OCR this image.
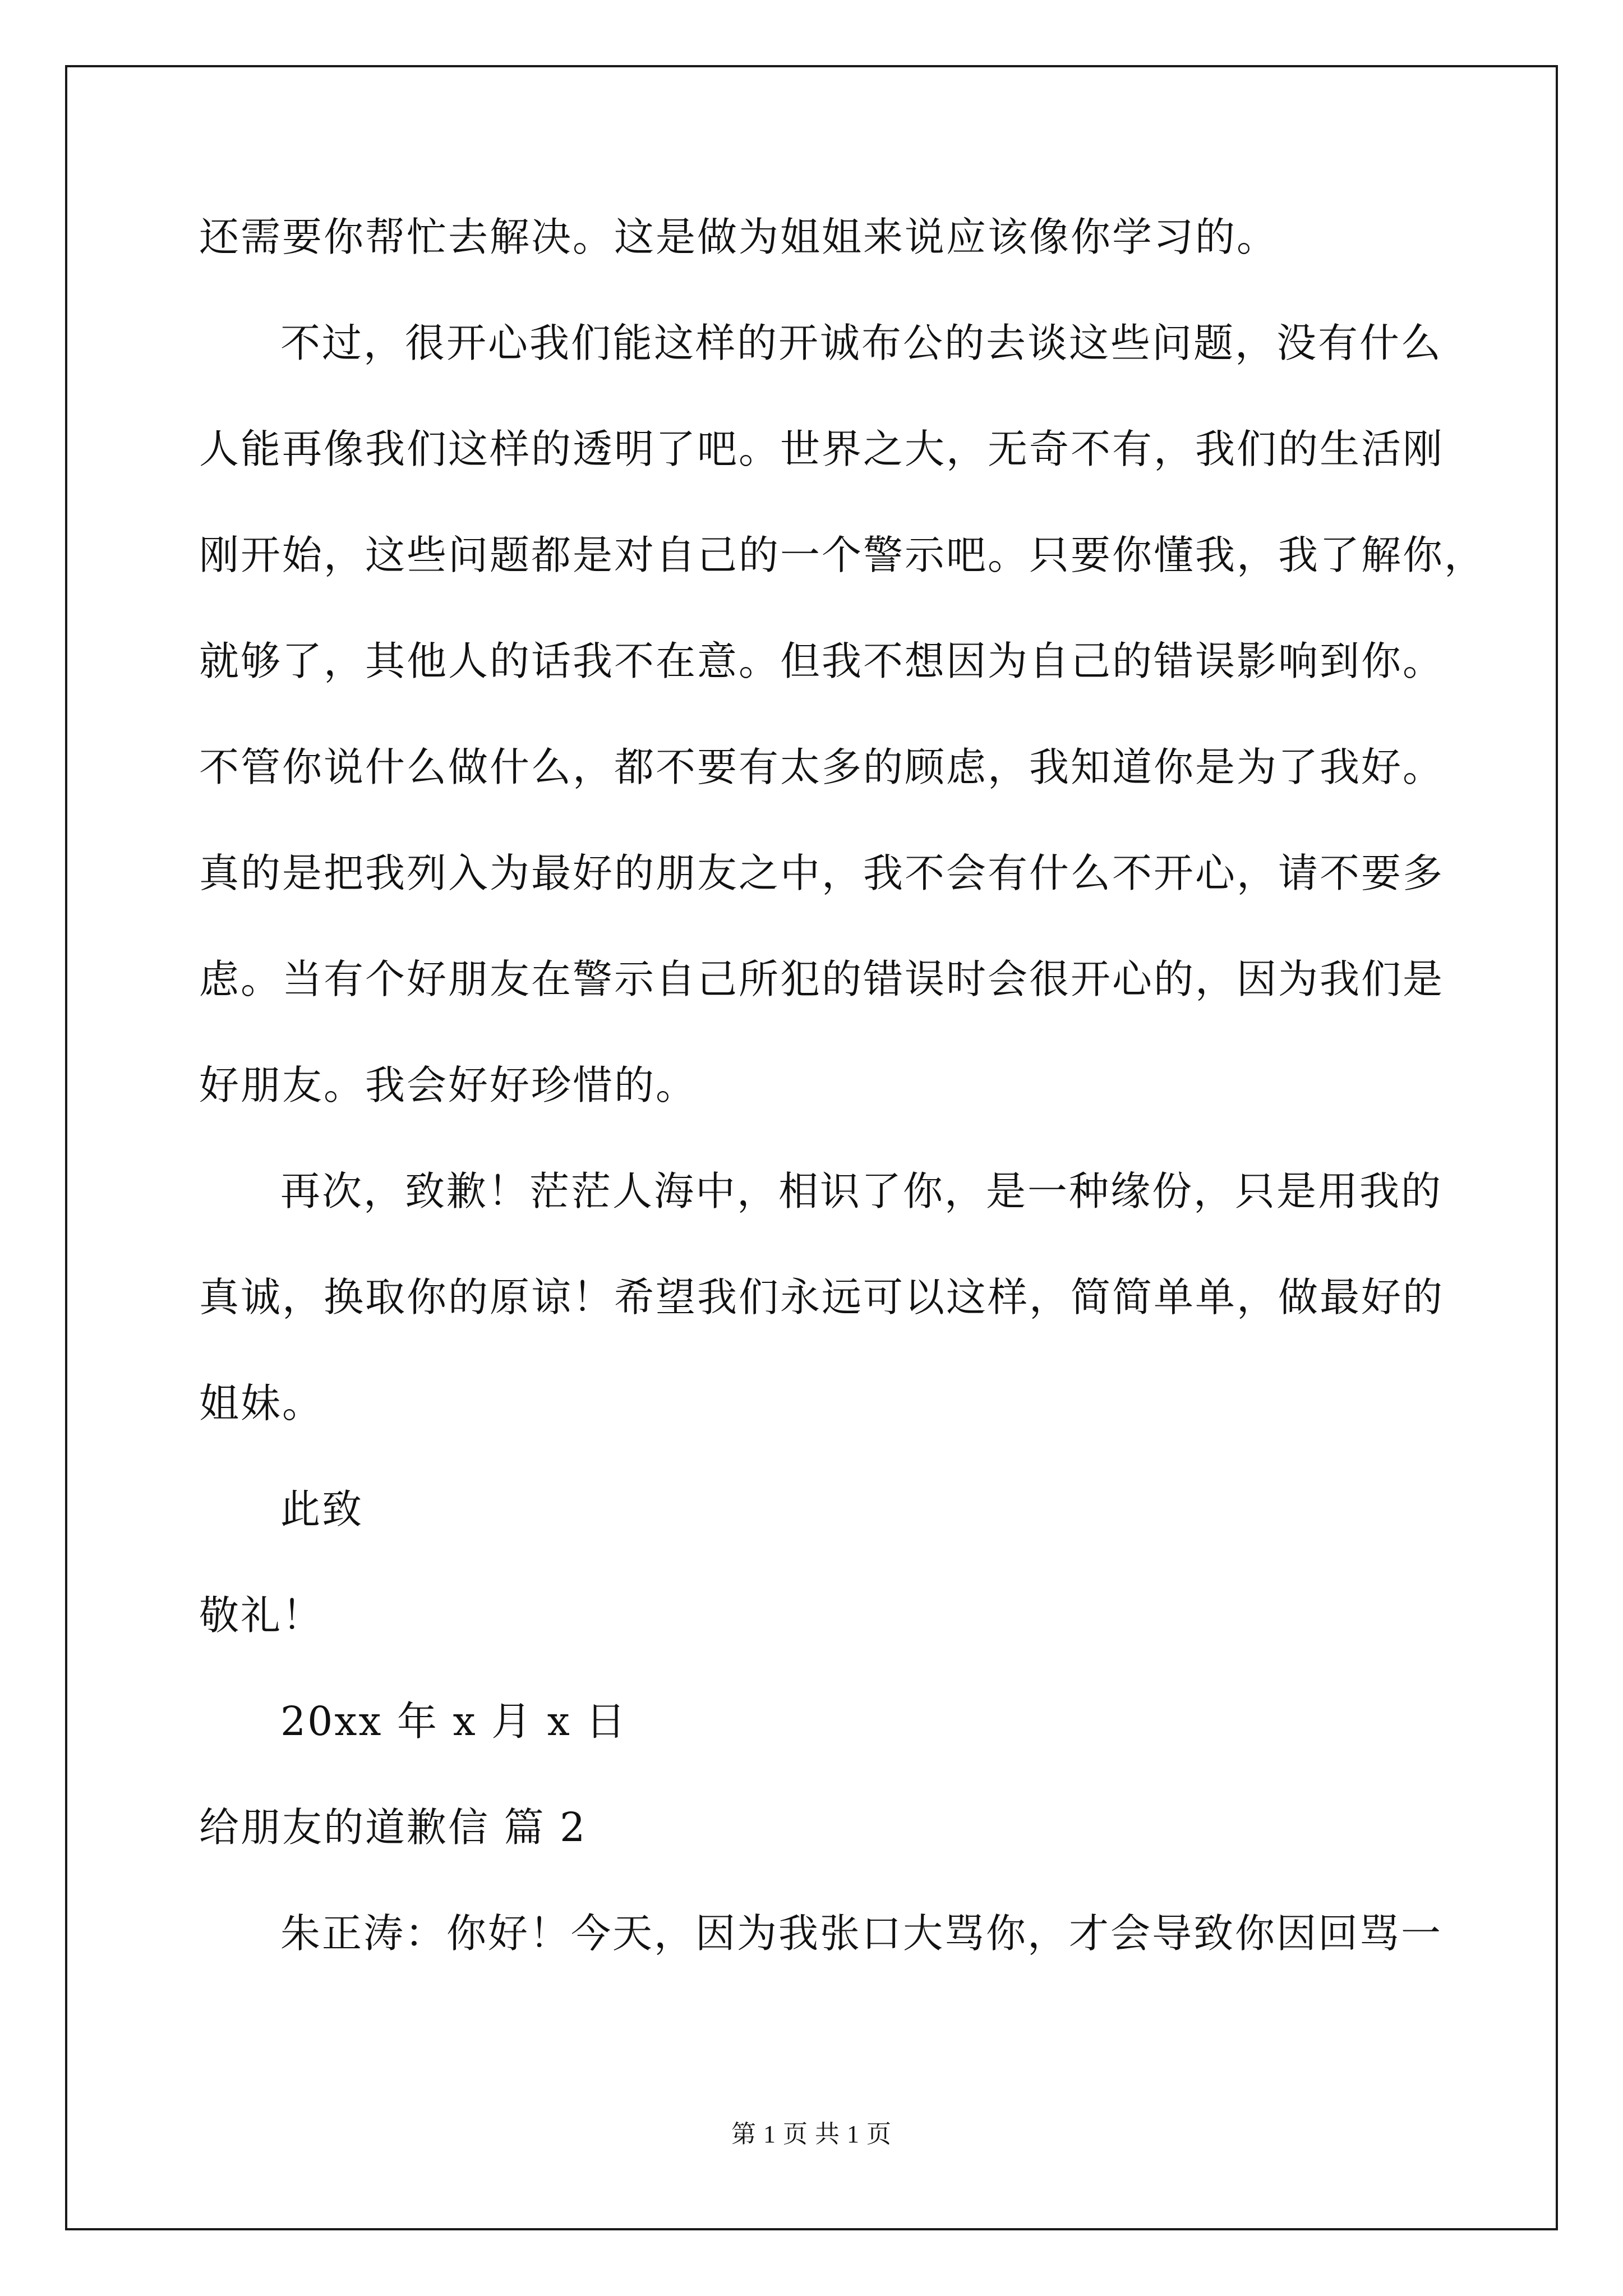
还需要你帮忙去解决。这是做为姐姐来说应该像你学习的。
不过，很开心我们能这样的开诚布公的去谈这些问题，没有什么
人能再像我们这样的透明了吧。世界之大，无奇不有，我们的生活刚
刚开始，这些问题都是对自己的一个警示吧。只要你懂我，我了解你，
就够了，其他人的话我不在意。但我不想因为自己的错误影响到你。
不管你说什么做什么，都不要有太多的顾虑，我知道你是为了我好。
真的是把我列入为最好的朋友之中，我不会有什么不开心，请不要多
虑。当有个好朋友在警示自己所犯的错误时会很开心的，因为我们是
好朋友。我会好好珍惜的。
再次，致歉！茫茫人海中，相识了你，是一种缘份，只是用我的
真诚，换取你的原谅！希望我们永远可以这样，简简单单，做最好的
姐妹。
此致
敬礼！
20xx 年 x 月 x 日
给朋友的道歉信 篇 2
朱正涛：你好！今天，因为我张口大骂你，才会导致你因回骂一
第 1 页 共 1 页
